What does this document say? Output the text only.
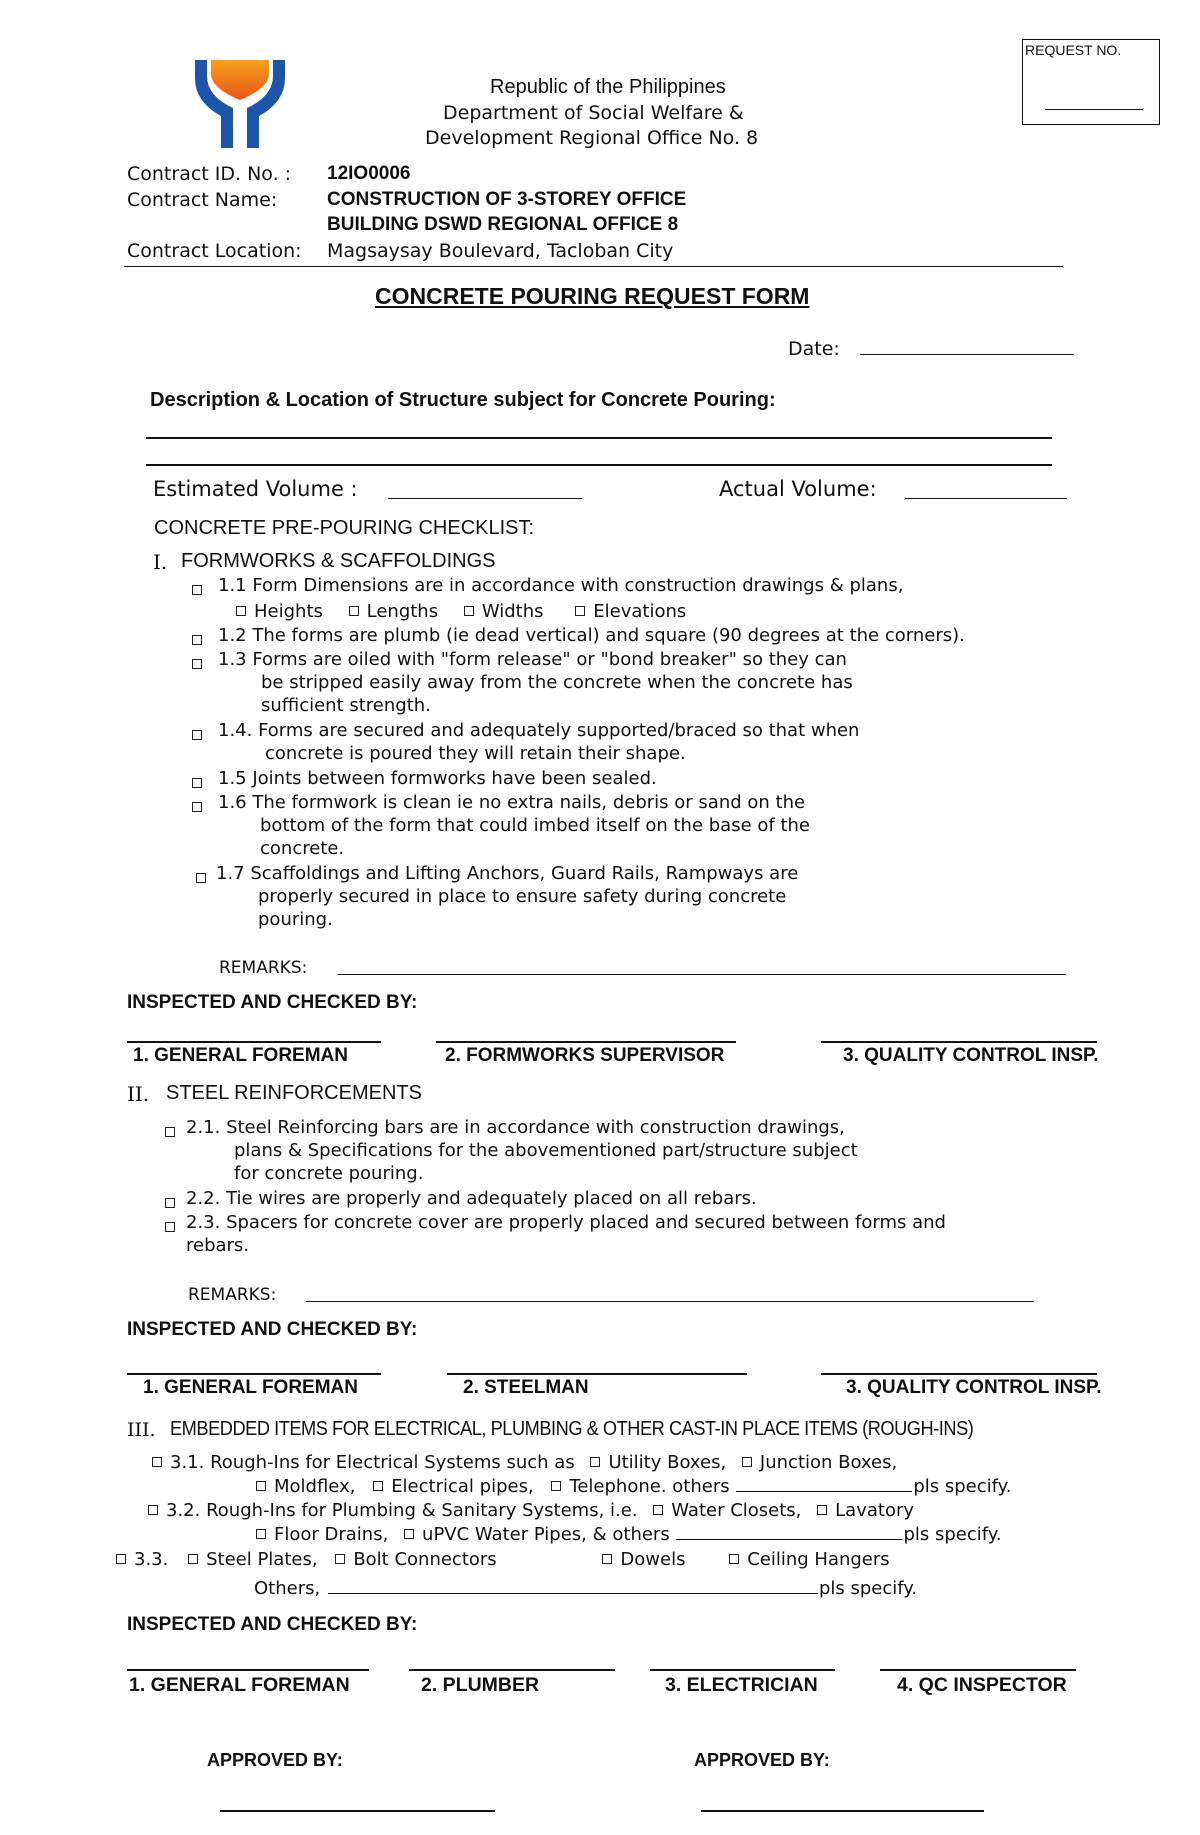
REQUEST NO.
Republic of the Philippines
Department of Social Welfare &
Development Regional Office No. 8
Contract ID. No. : 12IO0006
Contract Name:	CONSTRUCTION OF 3-STOREY OFFICE
BUILDING DSWD REGIONAL OFFICE 8
Contract Location: Magsaysay Boulevard, Tacloban City
CONCRETE POURING REQUEST FORM
Date:
Description & Location of Structure subject for Concrete Pouring:
Estimated Volume :	Actual Volume:
CONCRETE PRE-POURING CHECKLIST:
I. FORMWORKS & SCAFFOLDINGS
1.1 Form Dimensions are in accordance with construction drawings & plans,
Heights Lengths Widths	Elevations
1.2 The forms are plumb (ie dead vertical) and square (90 degrees at the corners).
1.3 Forms are oiled with "form release" or "bond breaker" so they can
be stripped easily away from the concrete when the concrete has
sufficient strength.
1.4. Forms are secured and adequately supported/braced so that when
concrete is poured they will retain their shape.
1.5 Joints between formworks have been sealed.
1.6 The formwork is clean ie no extra nails, debris or sand on the
bottom of the form that could imbed itself on the base of the
concrete.
1.7 Scaffoldings and Lifting Anchors, Guard Rails, Rampways are
properly secured in place to ensure safety during concrete
pouring.
REMARKS:
INSPECTED AND CHECKED BY:
1. GENERAL FOREMAN	2. FORMWORKS SUPERVISOR	3. QUALITY CONTROL INSP.
II. STEEL REINFORCEMENTS
2.1. Steel Reinforcing bars are in accordance with construction drawings,
plans & Specifications for the abovementioned part/structure subject
for concrete pouring.
2.2. Tie wires are properly and adequately placed on all rebars.
2.3. Spacers for concrete cover are properly placed and secured between forms and
rebars.
REMARKS:
INSPECTED AND CHECKED BY:
1. GENERAL FOREMAN	2. STEELMAN	3. QUALITY CONTROL INSP.
III. EMBEDDED ITEMS FOR ELECTRICAL, PLUMBING & OTHER CAST-IN PLACE ITEMS (ROUGH-INS)
3.1. Rough-Ins for Electrical Systems such as Utility Boxes, Junction Boxes,
Moldflex, Electrical pipes, Telephone. others	pls specify.
3.2. Rough-Ins for Plumbing & Sanitary Systems, i.e. Water Closets, Lavatory
Floor Drains, uPVC Water Pipes, & others	pls specify.
3.3. Steel Plates, Bolt Connectors	Dowels	Ceiling Hangers
Others,	pls specify.
INSPECTED AND CHECKED BY:
1. GENERAL FOREMAN	2. PLUMBER	3. ELECTRICIAN	4. QC INSPECTOR
APPROVED BY:	APPROVED BY:
